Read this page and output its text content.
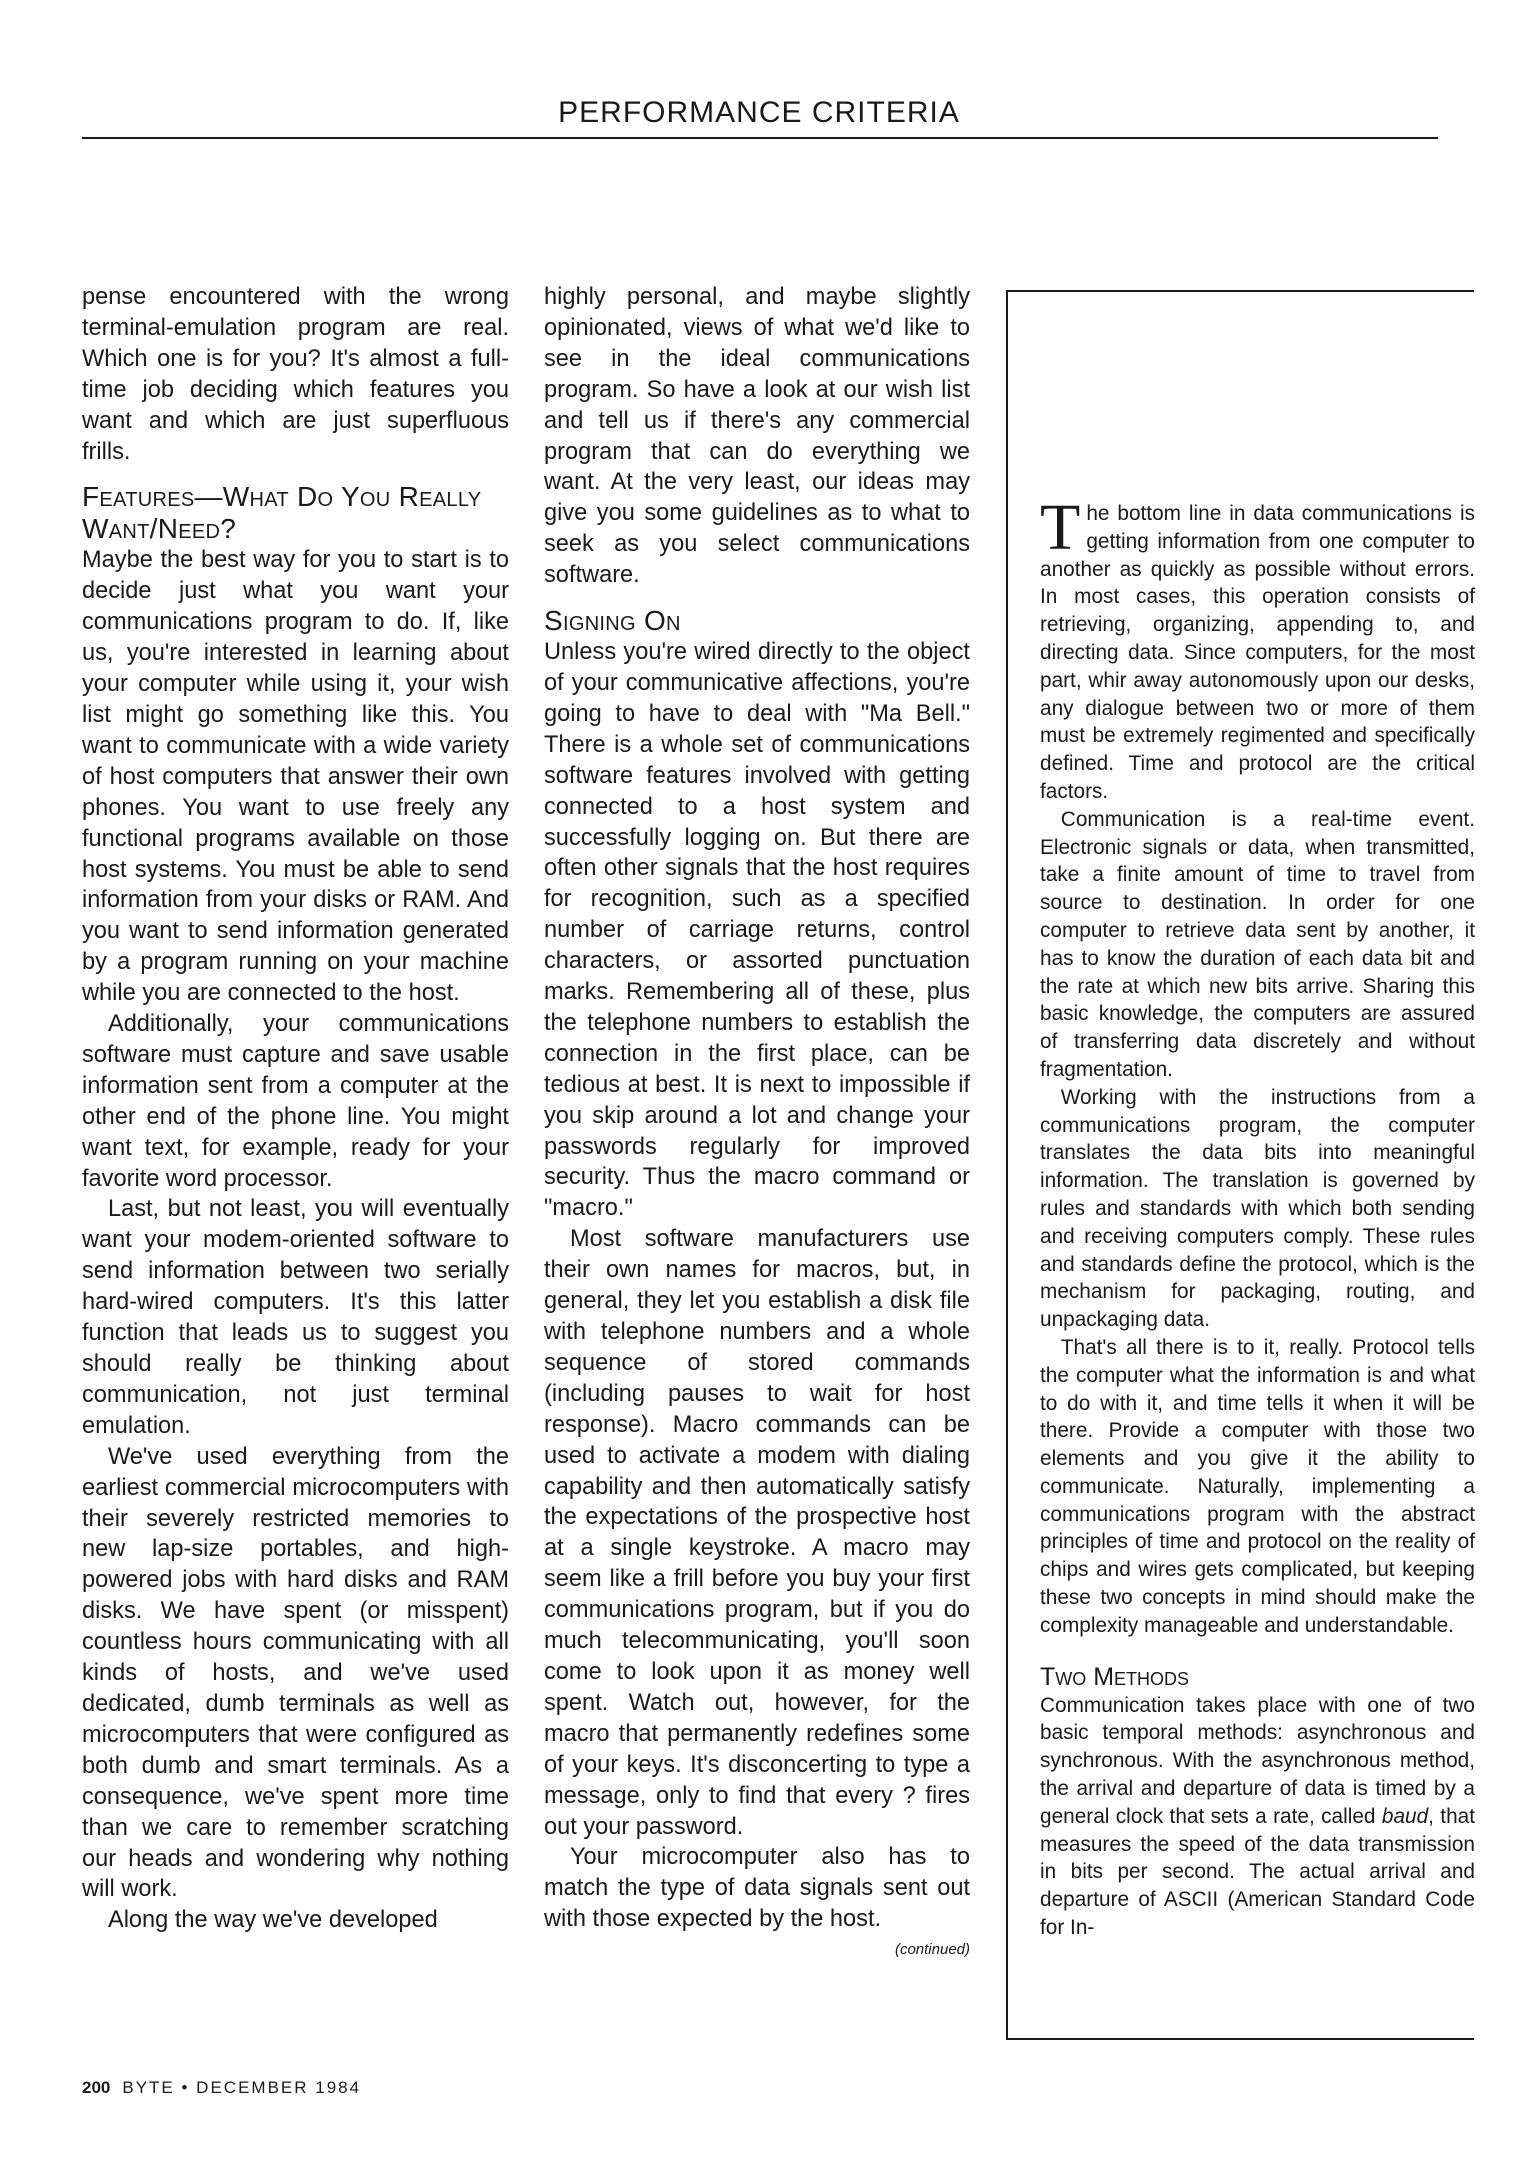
PERFORMANCE CRITERIA

pense encountered with the wrong terminal-emulation program are real. Which one is for you? It's almost a full-time job deciding which features you want and which are just superfluous frills.

Features—What Do You Really Want/Need?

Maybe the best way for you to start is to decide just what you want your communications program to do. If, like us, you're interested in learning about your computer while using it, your wish list might go something like this. You want to communicate with a wide variety of host computers that answer their own phones. You want to use freely any functional programs available on those host systems. You must be able to send information from your disks or RAM. And you want to send information generated by a program running on your machine while you are connected to the host.

Additionally, your communications software must capture and save usable information sent from a computer at the other end of the phone line. You might want text, for example, ready for your favorite word processor.

Last, but not least, you will eventually want your modem-oriented software to send information between two serially hard-wired computers. It's this latter function that leads us to suggest you should really be thinking about communication, not just terminal emulation.

We've used everything from the earliest commercial microcomputers with their severely restricted memories to new lap-size portables, and high-powered jobs with hard disks and RAM disks. We have spent (or misspent) countless hours communicating with all kinds of hosts, and we've used dedicated, dumb terminals as well as microcomputers that were configured as both dumb and smart terminals. As a consequence, we've spent more time than we care to remember scratching our heads and wondering why nothing will work.

Along the way we've developed

highly personal, and maybe slightly opinionated, views of what we'd like to see in the ideal communications program. So have a look at our wish list and tell us if there's any commercial program that can do everything we want. At the very least, our ideas may give you some guidelines as to what to seek as you select communications software.

Signing On

Unless you're wired directly to the object of your communicative affections, you're going to have to deal with "Ma Bell." There is a whole set of communications software features involved with getting connected to a host system and successfully logging on. But there are often other signals that the host requires for recognition, such as a specified number of carriage returns, control characters, or assorted punctuation marks. Remembering all of these, plus the telephone numbers to establish the connection in the first place, can be tedious at best. It is next to impossible if you skip around a lot and change your passwords regularly for improved security. Thus the macro command or "macro."

Most software manufacturers use their own names for macros, but, in general, they let you establish a disk file with telephone numbers and a whole sequence of stored commands (including pauses to wait for host response). Macro commands can be used to activate a modem with dialing capability and then automatically satisfy the expectations of the prospective host at a single keystroke. A macro may seem like a frill before you buy your first communications program, but if you do much telecommunicating, you'll soon come to look upon it as money well spent. Watch out, however, for the macro that permanently redefines some of your keys. It's disconcerting to type a message, only to find that every ? fires out your password.

Your microcomputer also has to match the type of data signals sent out with those expected by the host.

(continued)

The bottom line in data communications is getting information from one computer to another as quickly as possible without errors. In most cases, this operation consists of retrieving, organizing, appending to, and directing data. Since computers, for the most part, whir away autonomously upon our desks, any dialogue between two or more of them must be extremely regimented and specifically defined. Time and protocol are the critical factors.

Communication is a real-time event. Electronic signals or data, when transmitted, take a finite amount of time to travel from source to destination. In order for one computer to retrieve data sent by another, it has to know the duration of each data bit and the rate at which new bits arrive. Sharing this basic knowledge, the computers are assured of transferring data discretely and without fragmentation.

Working with the instructions from a communications program, the computer translates the data bits into meaningful information. The translation is governed by rules and standards with which both sending and receiving computers comply. These rules and standards define the protocol, which is the mechanism for packaging, routing, and unpackaging data.

That's all there is to it, really. Protocol tells the computer what the information is and what to do with it, and time tells it when it will be there. Provide a computer with those two elements and you give it the ability to communicate. Naturally, implementing a communications program with the abstract principles of time and protocol on the reality of chips and wires gets complicated, but keeping these two concepts in mind should make the complexity manageable and understandable.

Two Methods

Communication takes place with one of two basic temporal methods: asynchronous and synchronous. With the asynchronous method, the arrival and departure of data is timed by a general clock that sets a rate, called baud, that measures the speed of the data transmission in bits per second. The actual arrival and departure of ASCII (American Standard Code for In-

200 BYTE • DECEMBER 1984
